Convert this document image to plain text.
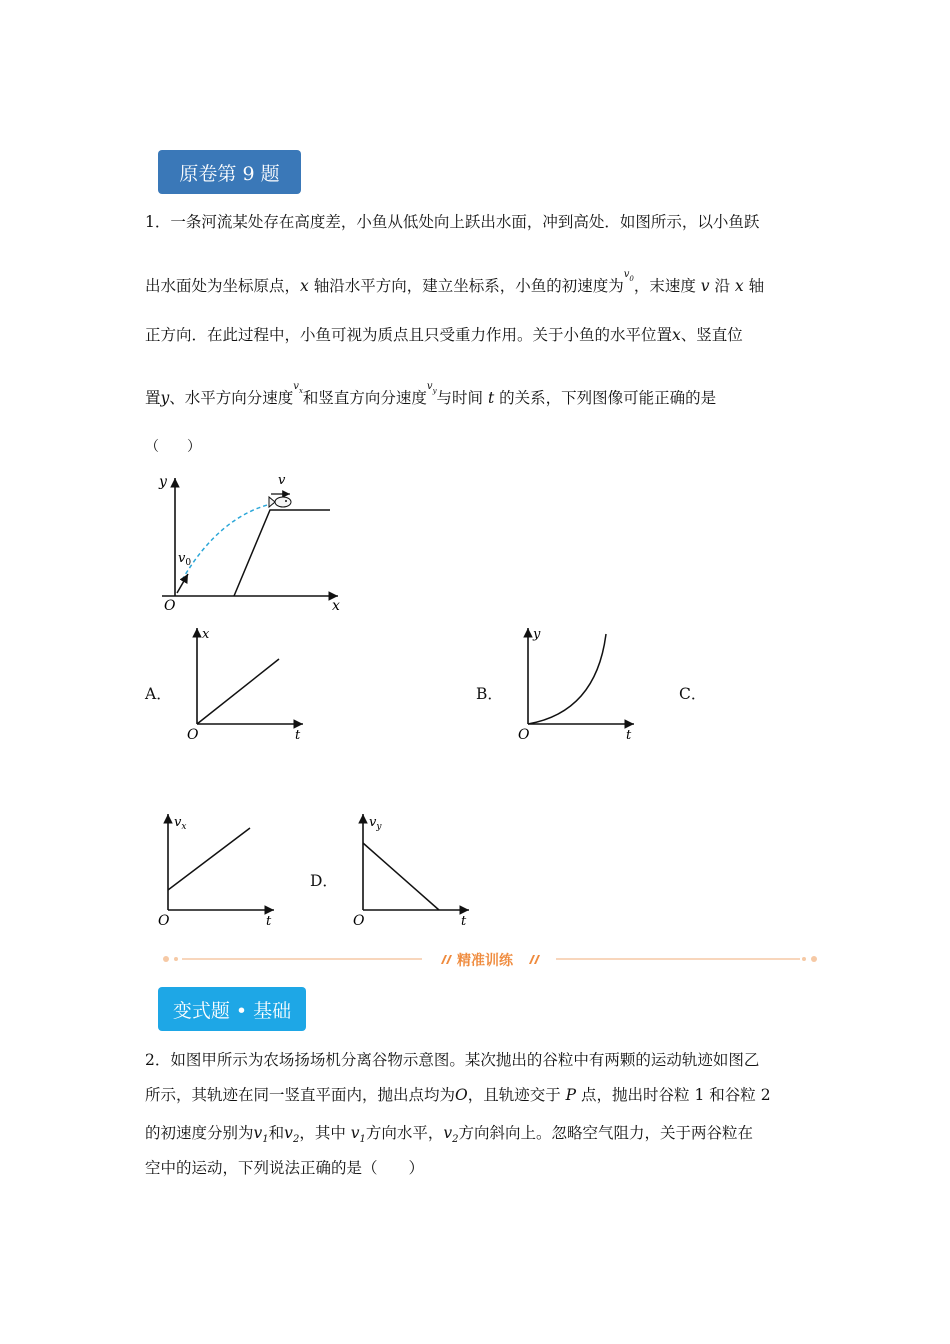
原卷第 9 题
1．一条河流某处存在高度差，小鱼从低处向上跃出水面，冲到高处．如图所示，以小鱼跃
出水面处为坐标原点，x 轴沿水平方向，建立坐标系，小鱼的初速度为$^{v_0}$，末速度 v 沿 x 轴
正方向．在此过程中，小鱼可视为质点且只受重力作用。关于小鱼的水平位置x、竖直位
置y、水平方向分速度$^{v_x}$和竖直方向分速度$^{v_y}$与时间 t 的关系，下列图像可能正确的是
（　　）
y
x
O
v
$v_0$
A．
x
t
O
B．
y
t
O
C．
$v_x$
t
O
D．
$v_y$
t
O
精准训练
变式题 • 基础
2．如图甲所示为农场扬场机分离谷物示意图。某次抛出的谷粒中有两颗的运动轨迹如图乙
所示，其轨迹在同一竖直平面内，抛出点均为O，且轨迹交于 P 点，抛出时谷粒 1 和谷粒 2
的初速度分别为$v_1$和$v_2$，其中 $v_1$方向水平，$v_2$方向斜向上。忽略空气阻力，关于两谷粒在
空中的运动，下列说法正确的是（　　）
